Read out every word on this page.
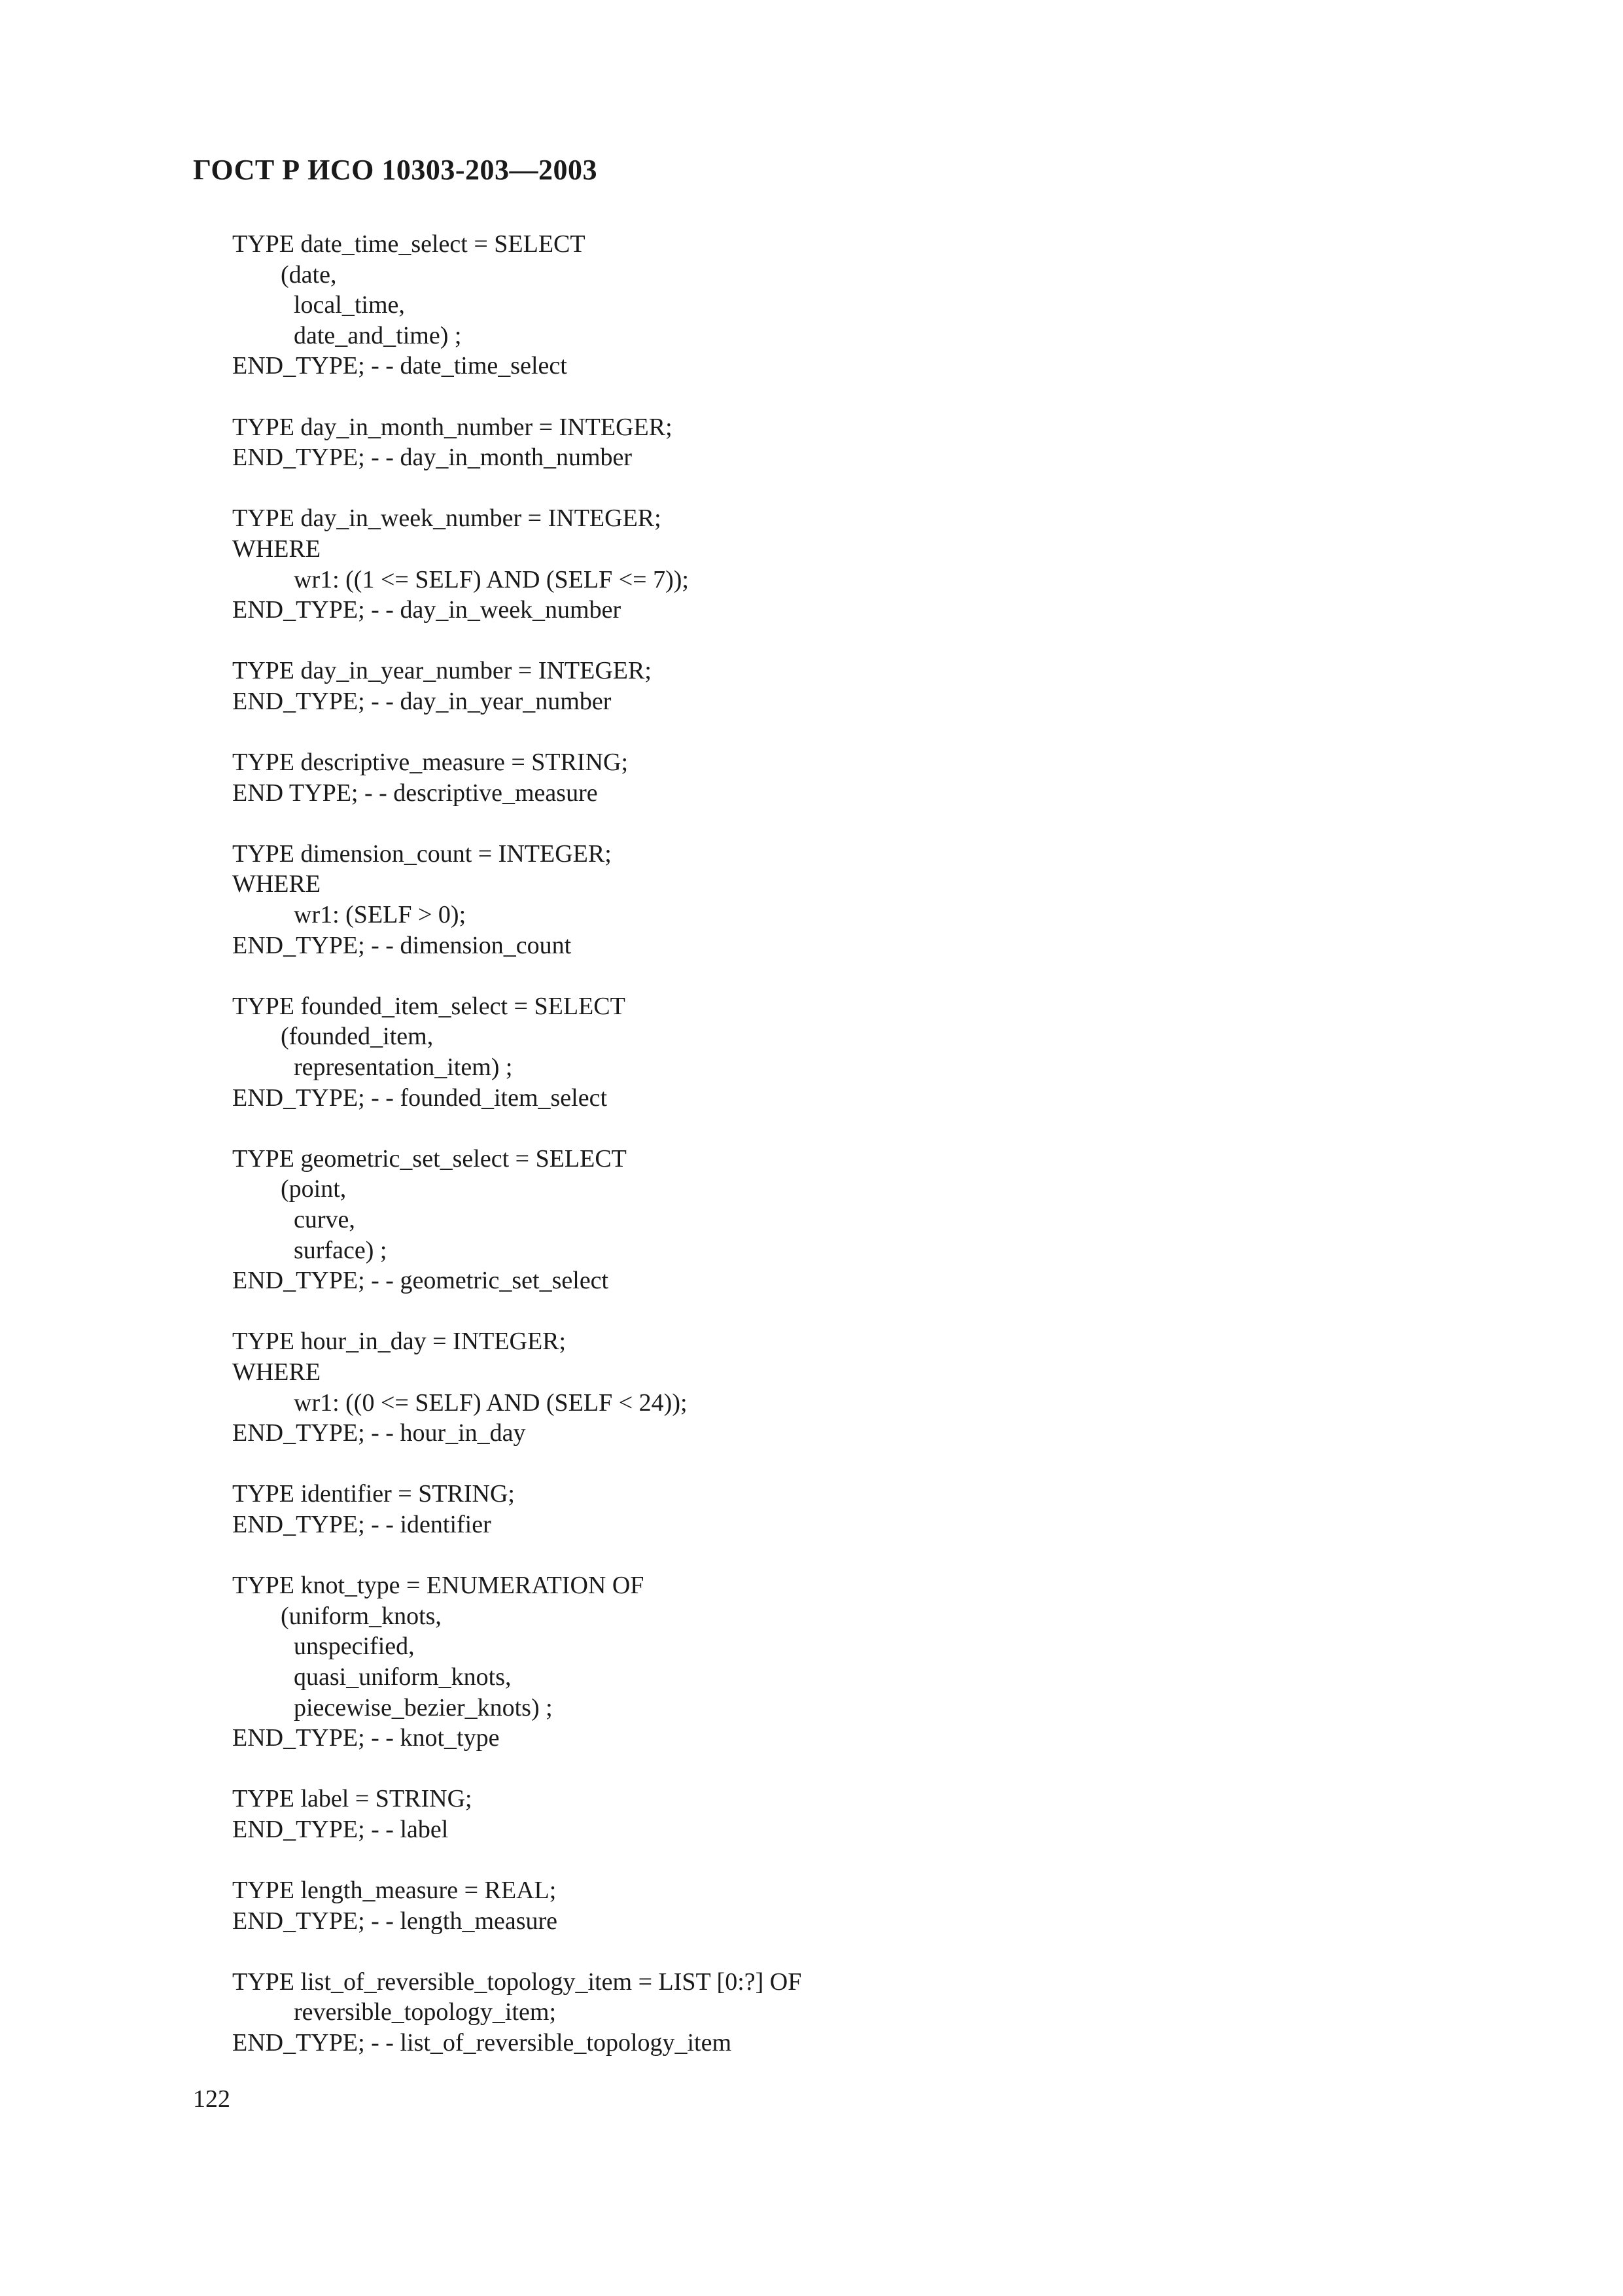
ГОСТ Р ИСО 10303-203—2003
TYPE date_time_select = SELECT
(date,
local_time,
date_and_time) ;
END_TYPE; - - date_time_select
TYPE day_in_month_number = INTEGER;
END_TYPE; - - day_in_month_number
TYPE day_in_week_number = INTEGER;
WHERE
wr1: ((1 <= SELF) AND (SELF <= 7));
END_TYPE; - - day_in_week_number
TYPE day_in_year_number = INTEGER;
END_TYPE; - - day_in_year_number
TYPE descriptive_measure = STRING;
END TYPE; - - descriptive_measure
TYPE dimension_count = INTEGER;
WHERE
wr1: (SELF > 0);
END_TYPE; - - dimension_count
TYPE founded_item_select = SELECT
(founded_item,
representation_item) ;
END_TYPE; - - founded_item_select
TYPE geometric_set_select = SELECT
(point,
curve,
surface) ;
END_TYPE; - - geometric_set_select
TYPE hour_in_day = INTEGER;
WHERE
wr1: ((0 <= SELF) AND (SELF < 24));
END_TYPE; - - hour_in_day
TYPE identifier = STRING;
END_TYPE; - - identifier
TYPE knot_type = ENUMERATION OF
(uniform_knots,
unspecified,
quasi_uniform_knots,
piecewise_bezier_knots) ;
END_TYPE; - - knot_type
TYPE label = STRING;
END_TYPE; - - label
TYPE length_measure = REAL;
END_TYPE; - - length_measure
TYPE list_of_reversible_topology_item = LIST [0:?] OF
reversible_topology_item;
END_TYPE; - - list_of_reversible_topology_item
122
